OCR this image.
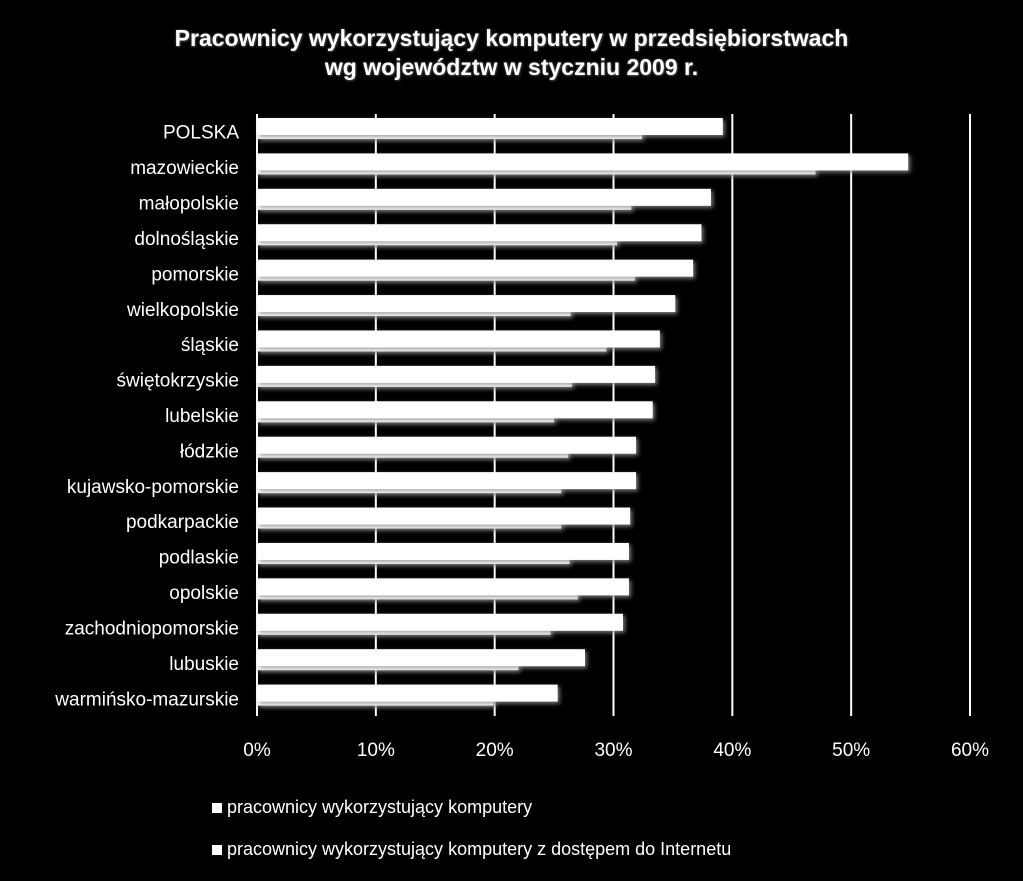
Pracownicy wykorzystujący komputery w przedsiębiorstwach
wg województw w styczniu 2009 r.
POLSKA
mazowieckie
małopolskie
dolnośląskie
pomorskie
wielkopolskie
śląskie
świętokrzyskie
lubelskie
łódzkie
kujawsko-pomorskie
podkarpackie
podlaskie
opolskie
zachodniopomorskie
lubuskie
warmińsko-mazurskie
0%	10%	20%	30%	40%	50%	60%
pracownicy wykorzystujący komputery
pracownicy wykorzystujący komputery z dostępem do Internetu
